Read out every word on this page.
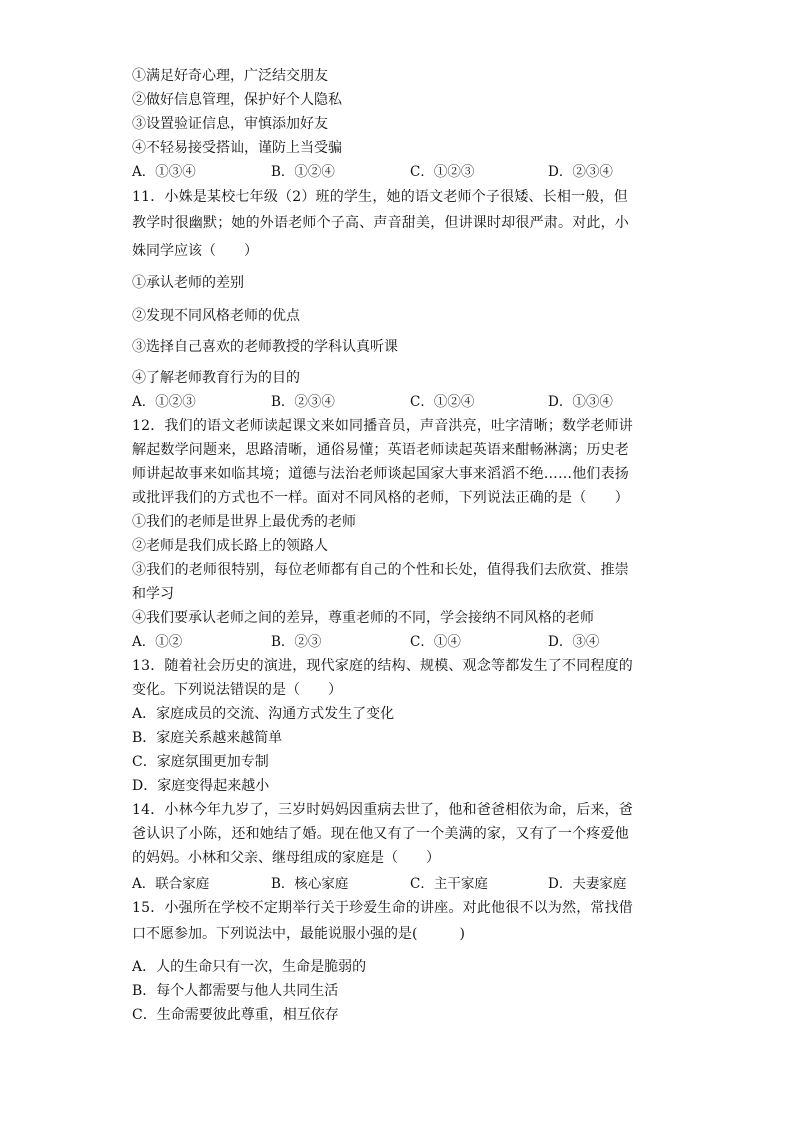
①满足好奇心理，广泛结交朋友
②做好信息管理，保护好个人隐私
③设置验证信息，审慎添加好友
④不轻易接受搭讪，谨防上当受骗
A．①③④	B．①②④	C．①②③	D．②③④
11．小姝是某校七年级（2）班的学生，她的语文老师个子很矮、长相一般，但
教学时很幽默；她的外语老师个子高、声音甜美，但讲课时却很严肃。对此，小
姝同学应该（　　）
①承认老师的差别
②发现不同风格老师的优点
③选择自己喜欢的老师教授的学科认真听课
④了解老师教育行为的目的
A．①②③	B．②③④	C．①②④	D．①③④
12．我们的语文老师读起课文来如同播音员，声音洪亮，吐字清晰；数学老师讲
解起数学问题来，思路清晰，通俗易懂；英语老师读起英语来酣畅淋漓；历史老
师讲起故事来如临其境；道德与法治老师谈起国家大事来滔滔不绝……他们表扬
或批评我们的方式也不一样。面对不同风格的老师，下列说法正确的是（　　）
①我们的老师是世界上最优秀的老师
②老师是我们成长路上的领路人
③我们的老师很特别，每位老师都有自己的个性和长处，值得我们去欣赏、推崇
和学习
④我们要承认老师之间的差异，尊重老师的不同，学会接纳不同风格的老师
A．①②	B．②③	C．①④	D．③④
13．随着社会历史的演进，现代家庭的结构、规模、观念等都发生了不同程度的
变化。下列说法错误的是（　　）
A．家庭成员的交流、沟通方式发生了变化
B．家庭关系越来越简单
C．家庭氛围更加专制
D．家庭变得起来越小
14．小林今年九岁了，三岁时妈妈因重病去世了，他和爸爸相依为命，后来，爸
爸认识了小陈，还和她结了婚。现在他又有了一个美满的家，又有了一个疼爱他
的妈妈。小林和父亲、继母组成的家庭是（　　）
A．联合家庭	B．核心家庭	C．主干家庭	D．夫妻家庭
15．小强所在学校不定期举行关于珍爱生命的讲座。对此他很不以为然，常找借
口不愿参加。下列说法中，最能说服小强的是(　　　)
A．人的生命只有一次，生命是脆弱的
B．每个人都需要与他人共同生活
C．生命需要彼此尊重，相互依存
